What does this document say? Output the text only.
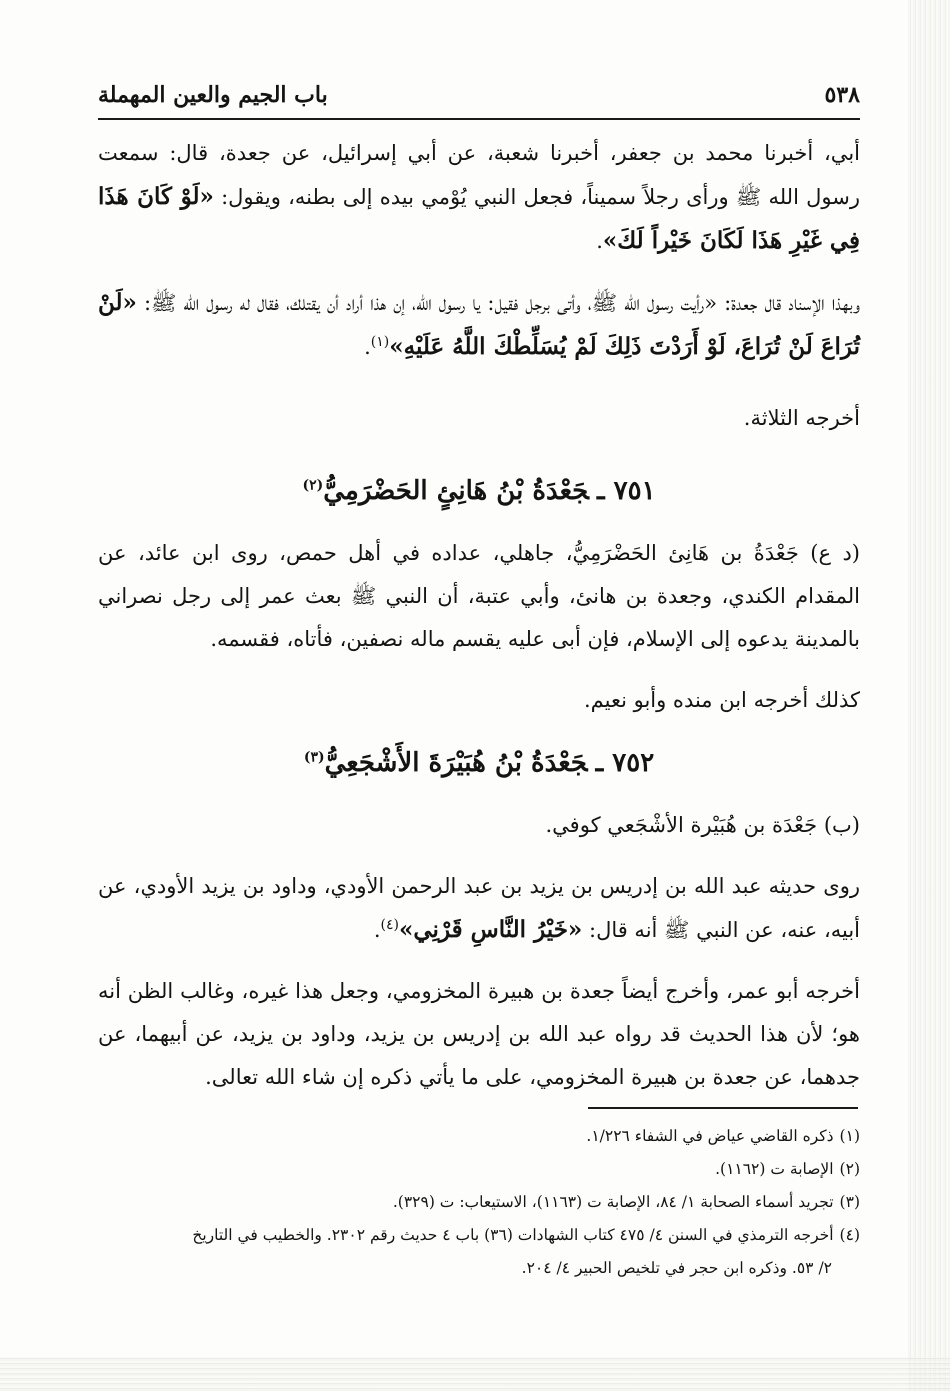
٥٣٨
باب الجيم والعين المهملة

أبي، أخبرنا محمد بن جعفر، أخبرنا شعبة، عن أبي إسرائيل، عن جعدة، قال: سمعت رسول الله ﷺ ورأى رجلاً سميناً، فجعل النبي يُوْمي بيده إلى بطنه، ويقول: «لَوْ كَانَ هَذَا فِي غَيْرِ هَذَا لَكَانَ خَيْراً لَكَ».

وبهذا الإسناد قال جعدة: «رأيت رسول الله ﷺ، وأتى برجل فقيل: يا رسول الله، إن هذا أراد أن يقتلك، فقال له رسول الله ﷺ: «لَنْ تُرَاعَ لَنْ تُرَاعَ، لَوْ أَرَدْتَ ذَلِكَ لَمْ يُسَلِّطْكَ اللَّهُ عَلَيْهِ»$^{(١)}$.

أخرجه الثلاثة.

٧٥١ ـجَعْدَةُ بْنُ هَانِئٍ الحَضْرَمِيُّ$^{(٢)}$

(د ع) جَعْدَةُ بن هَانِئ الحَضْرَمِيُّ، جاهلي، عداده في أهل حمص، روى ابن عائد، عن المقدام الكندي، وجعدة بن هانئ، وأبي عتبة، أن النبي ﷺ بعث عمر إلى رجل نصراني بالمدينة يدعوه إلى الإسلام، فإن أبى عليه يقسم ماله نصفين، فأتاه، فقسمه.

كذلك أخرجه ابن منده وأبو نعيم.

٧٥٢ ـجَعْدَةُ بْنُ هُبَيْرَةَ الأَشْجَعِيُّ$^{(٣)}$

(ب) جَعْدَة بن هُبَيْرة الأشْجَعي كوفي.

روى حديثه عبد الله بن إدريس بن يزيد بن عبد الرحمن الأودي، وداود بن يزيد الأودي، عن أبيه، عنه، عن النبي ﷺ أنه قال: «خَيْرُ النَّاسِ قَرْنِي»$^{(٤)}$.

أخرجه أبو عمر، وأخرج أيضاً جعدة بن هبيرة المخزومي، وجعل هذا غيره، وغالب الظن أنه هو؛ لأن هذا الحديث قد رواه عبد الله بن إدريس بن يزيد، وداود بن يزيد، عن أبيهما، عن جدهما، عن جعدة بن هبيرة المخزومي، على ما يأتي ذكره إن شاء الله تعالى.

(١)ذكره القاضي عياض في الشفاء ١/٢٢٦.

(٢)الإصابة ت (١١٦٢).

(٣)تجريد أسماء الصحابة ١/ ٨٤، الإصابة ت (١١٦٣)، الاستيعاب: ت (٣٢٩).

(٤)أخرجه الترمذي في السنن ٤/ ٤٧٥ كتاب الشهادات (٣٦) باب ٤ حديث رقم ٢٣٠٢. والخطيب في التاريخ

٢/ ٥٣. وذكره ابن حجر في تلخيص الحبير ٤/ ٢٠٤.
